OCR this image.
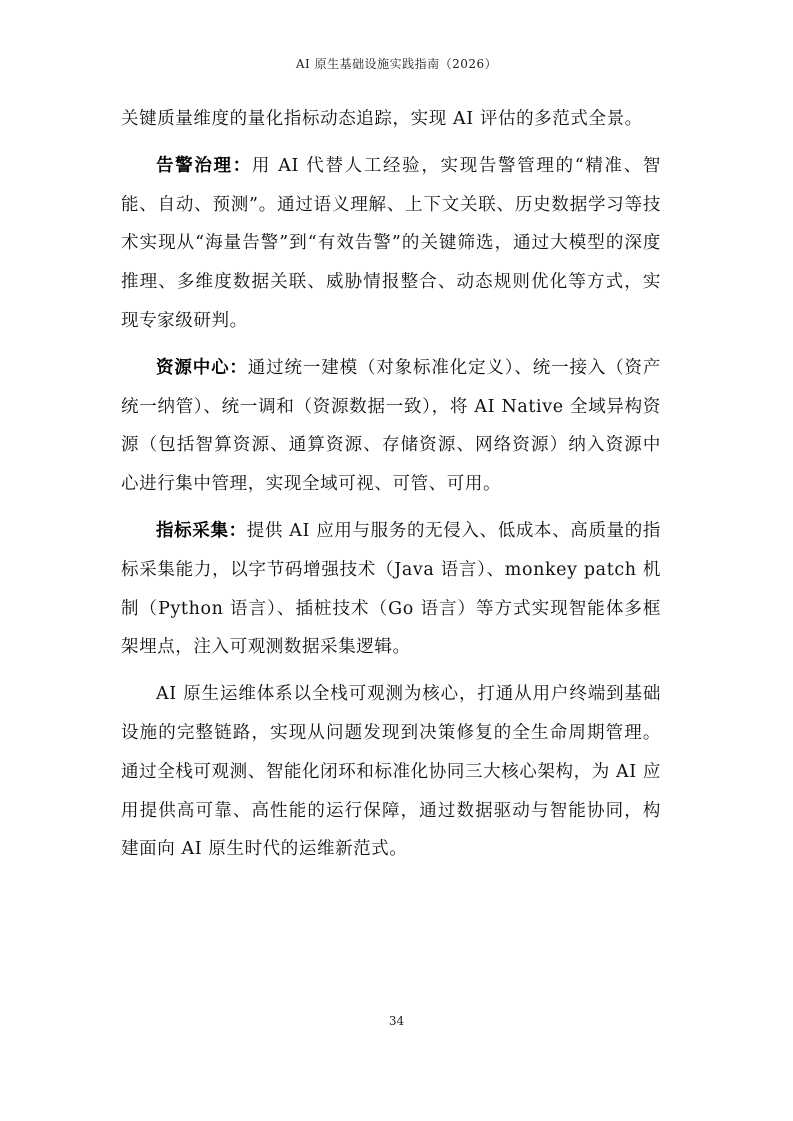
AI 原生基础设施实践指南（2026）

关键质量维度的量化指标动态追踪，实现 AI 评估的多范式全景。

告警治理：用 AI 代替人工经验，实现告警管理的“精准、智能、自动、预测”。通过语义理解、上下文关联、历史数据学习等技术实现从“海量告警”到“有效告警”的关键筛选，通过大模型的深度推理、多维度数据关联、威胁情报整合、动态规则优化等方式，实现专家级研判。

资源中心：通过统一建模（对象标准化定义）、统一接入（资产统一纳管）、统一调和（资源数据一致），将 AI Native 全域异构资源（包括智算资源、通算资源、存储资源、网络资源）纳入资源中心进行集中管理，实现全域可视、可管、可用。

指标采集：提供 AI 应用与服务的无侵入、低成本、高质量的指标采集能力，以字节码增强技术（Java 语言）、monkey patch 机制（Python 语言）、插桩技术（Go 语言）等方式实现智能体多框架埋点，注入可观测数据采集逻辑。

AI 原生运维体系以全栈可观测为核心，打通从用户终端到基础设施的完整链路，实现从问题发现到决策修复的全生命周期管理。通过全栈可观测、智能化闭环和标准化协同三大核心架构，为 AI 应用提供高可靠、高性能的运行保障，通过数据驱动与智能协同，构建面向 AI 原生时代的运维新范式。

34
